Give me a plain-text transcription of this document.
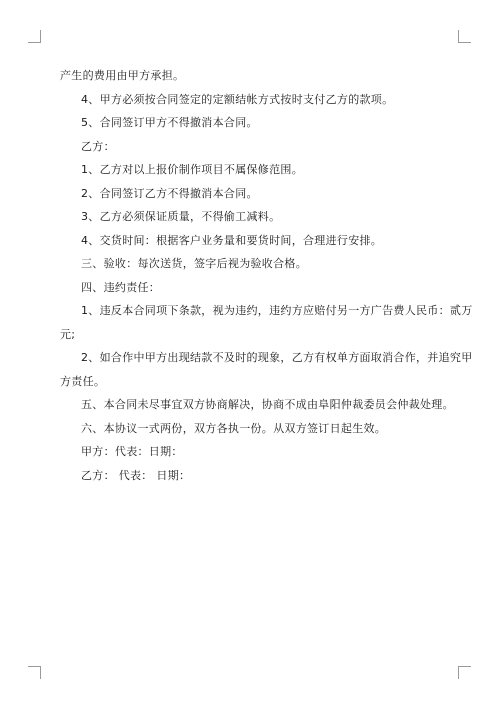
产生的费用由甲方承担。

4、甲方必须按合同签定的定额结帐方式按时支付乙方的款项。

5、合同签订甲方不得撤消本合同。

乙方：

1、乙方对以上报价制作项目不属保修范围。

2、合同签订乙方不得撤消本合同。

3、乙方必须保证质量，不得偷工减料。

4、交货时间：根据客户业务量和要货时间，合理进行安排。

三、验收：每次送货，签字后视为验收合格。

四、违约责任：

1、违反本合同项下条款，视为违约，违约方应赔付另一方广告费人民币：贰万

元;

2、如合作中甲方出现结款不及时的现象，乙方有权单方面取消合作，并追究甲

方责任。

五、本合同未尽事宜双方协商解决，协商不成由阜阳仲裁委员会仲裁处理。

六、本协议一式两份，双方各执一份。从双方签订日起生效。

甲方：代表：日期：

乙方： 代表： 日期：
